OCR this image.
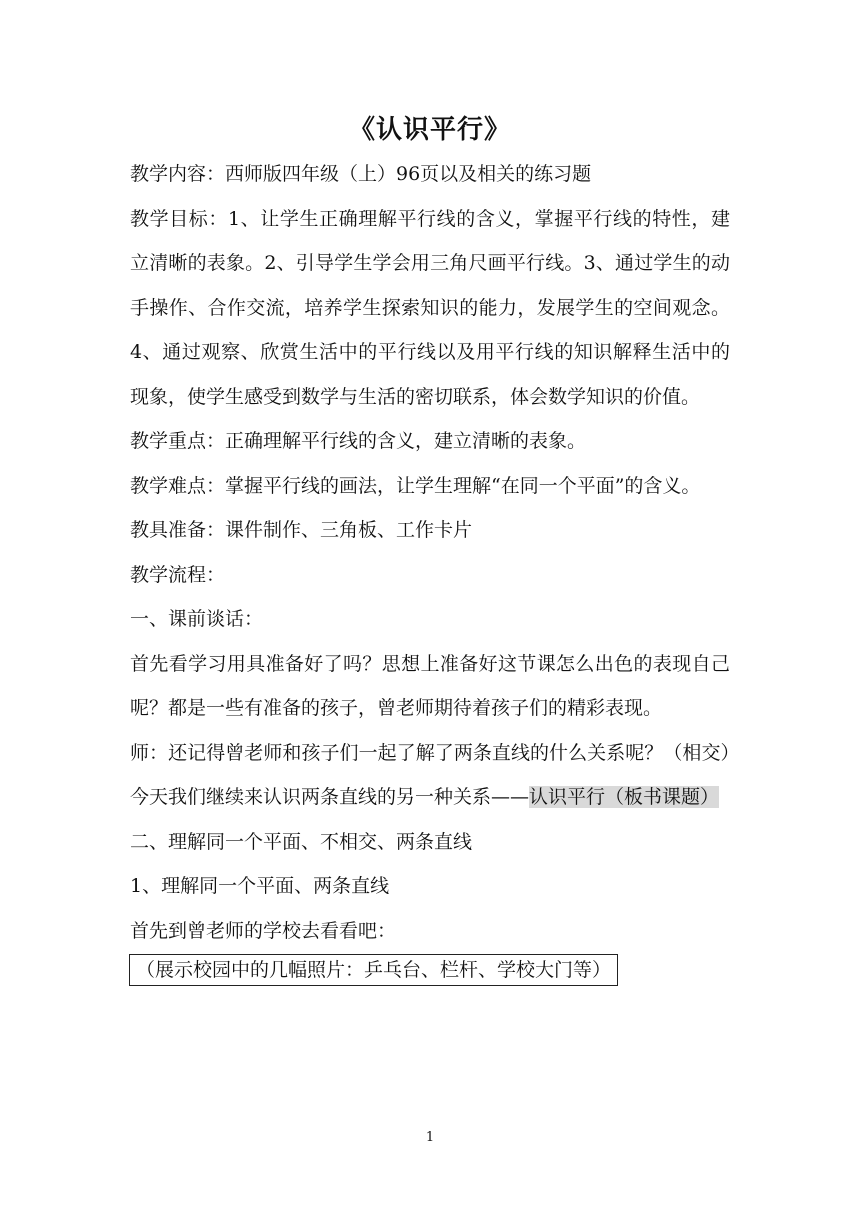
《认识平行》

教学内容：西师版四年级（上）96页以及相关的练习题

教学目标：1、让学生正确理解平行线的含义，掌握平行线的特性，建立清晰的表象。2、引导学生学会用三角尺画平行线。3、通过学生的动手操作、合作交流，培养学生探索知识的能力，发展学生的空间观念。4、通过观察、欣赏生活中的平行线以及用平行线的知识解释生活中的现象，使学生感受到数学与生活的密切联系，体会数学知识的价值。

教学重点：正确理解平行线的含义，建立清晰的表象。

教学难点：掌握平行线的画法，让学生理解“在同一个平面”的含义。

教具准备：课件制作、三角板、工作卡片

教学流程：

一、课前谈话：

首先看学习用具准备好了吗？思想上准备好这节课怎么出色的表现自己呢？都是一些有准备的孩子，曾老师期待着孩子们的精彩表现。

师：还记得曾老师和孩子们一起了解了两条直线的什么关系呢？（相交）今天我们继续来认识两条直线的另一种关系——认识平行（板书课题）

二、理解同一个平面、不相交、两条直线

1、理解同一个平面、两条直线

首先到曾老师的学校去看看吧：

（展示校园中的几幅照片：乒乓台、栏杆、学校大门等）
1
